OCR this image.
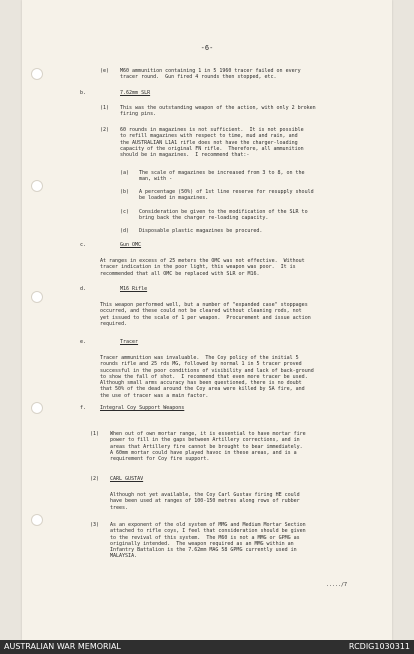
-6-
(e) M60 ammunition containing 1 in 5 1960 tracer failed on every
tracer round.  Gun fired 4 rounds then stopped, etc.
b.	7.62mm SLR
(1) This was the outstanding weapon of the action, with only 2 broken
firing pins.
(2) 60 rounds in magazines is not sufficient.  It is not possible
to refill magazines with respect to time, mud and rain, and
the AUSTRALIAN L1A1 rifle does not have the charger-loading
capacity of the original FN rifle.  Therefore, all ammunition
should be in magazines.  I recommend that:-
(a) The scale of magazines be increased from 3 to 8, on the
man, with -
(b) A percentage (50%) of 1st line reserve for resupply should
be loaded in magazines.
(c) Consideration be given to the modification of the SLR to
bring back the charger re-loading capacity.
(d) Disposable plastic magazines be procured.
c.	Gun OMC
At ranges in excess of 25 meters the OMC was not effective.  Without
tracer indication in the poor light, this weapon was poor.  It is
recommended that all OMC be replaced with SLR or M16.
d.	M16 Rifle
This weapon performed well, but a number of "expanded case" stoppages
occurred, and these could not be cleared without cleaning rods, not
yet issued to the scale of 1 per weapon.  Procurement and issue action
required.
e.	Tracer
Tracer ammunition was invaluable.  The Coy policy of the initial 5
rounds rifle and 25 rds MG, followed by normal 1 in 5 tracer proved
successful in the poor conditions of visibility and lack of back-ground
to show the fall of shot.  I recommend that even more tracer be used.
Although small arms accuracy has been questioned, there is no doubt
that 50% of the dead around the Coy area were killed by SA fire, and
the use of tracer was a main factor.
f.	Integral Coy Support Weapons
(1) When out of own mortar range, it is essential to have mortar fire
power to fill in the gaps between Artillery corrections, and in
areas that Artillery fire cannot be brought to bear immediately.
A 60mm mortar could have played havoc in these areas, and is a
requirement for Coy fire support.
(2) CARL GUSTAV
Although not yet available, the Coy Carl Gustav firing HE could
have been used at ranges of 100-150 metres along rows of rubber
trees.
(3) As an exponent of the old system of MMG and Medium Mortar Section
attached to rifle coys, I feel that consideration should be given
to the revival of this system.  The M60 is not a MMG or GPMG as
originally intended.  The weapon required as an MMG within an
Infantry Battalion is the 7.62mm MAG 58 GPMG currently used in
MALAYSIA.
...../7
AUSTRALIAN WAR MEMORIAL	RCDIG1030311
